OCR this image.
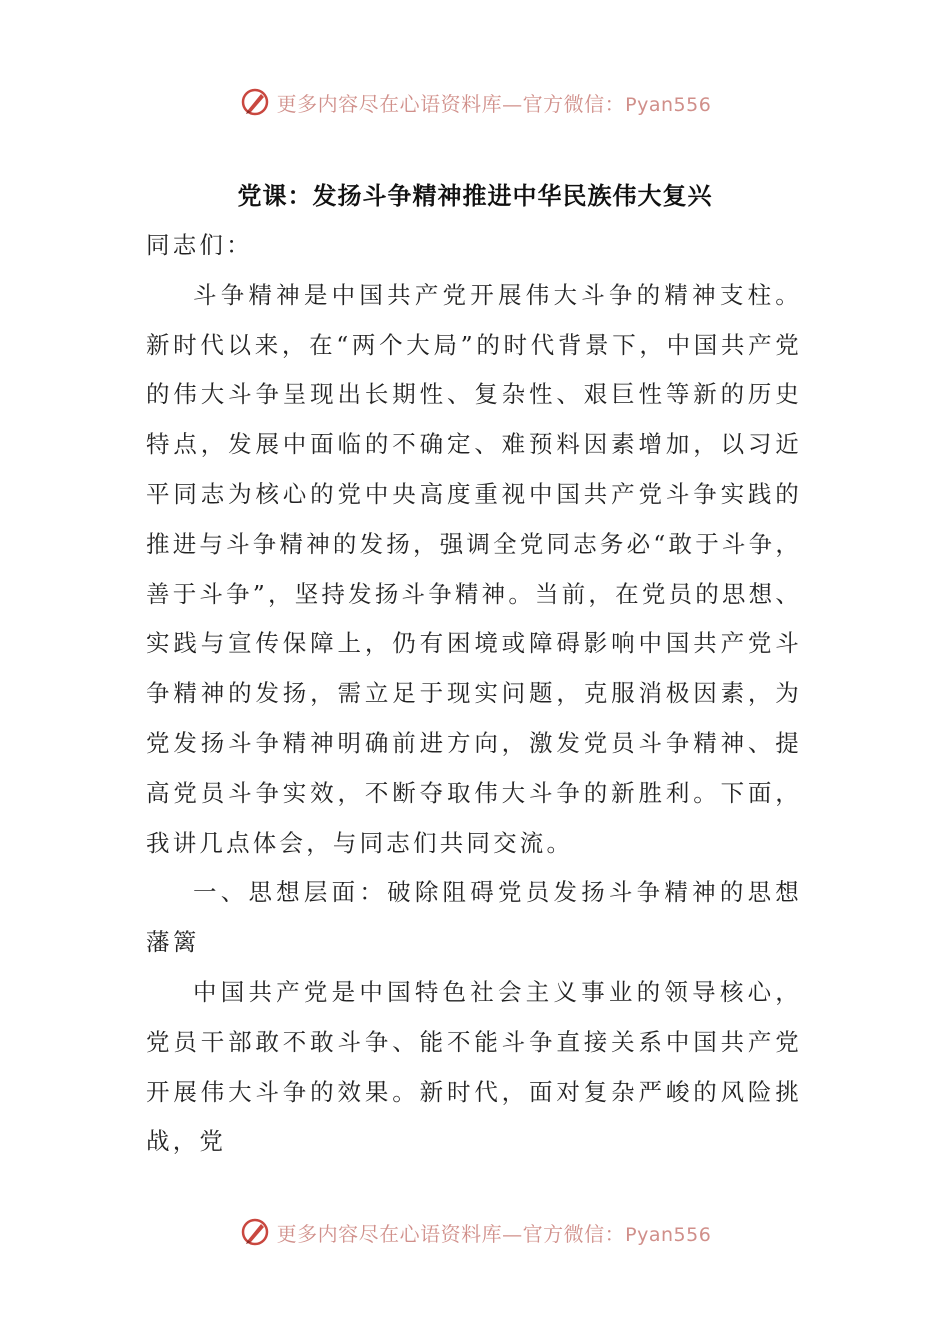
更多内容尽在心语资料库—官方微信：Pyan556
党课：发扬斗争精神推进中华民族伟大复兴

同志们：

斗争精神是中国共产党开展伟大斗争的精神支柱。新时代以来，在“两个大局”的时代背景下，中国共产党的伟大斗争呈现出长期性、复杂性、艰巨性等新的历史特点，发展中面临的不确定、难预料因素增加，以习近平同志为核心的党中央高度重视中国共产党斗争实践的推进与斗争精神的发扬，强调全党同志务必“敢于斗争，善于斗争”，坚持发扬斗争精神。当前，在党员的思想、实践与宣传保障上，仍有困境或障碍影响中国共产党斗争精神的发扬，需立足于现实问题，克服消极因素，为党发扬斗争精神明确前进方向，激发党员斗争精神、提高党员斗争实效，不断夺取伟大斗争的新胜利。下面，我讲几点体会，与同志们共同交流。

一、思想层面：破除阻碍党员发扬斗争精神的思想藩篱

中国共产党是中国特色社会主义事业的领导核心，党员干部敢不敢斗争、能不能斗争直接关系中国共产党开展伟大斗争的效果。新时代，面对复杂严峻的风险挑战，党

更多内容尽在心语资料库—官方微信：Pyan556
